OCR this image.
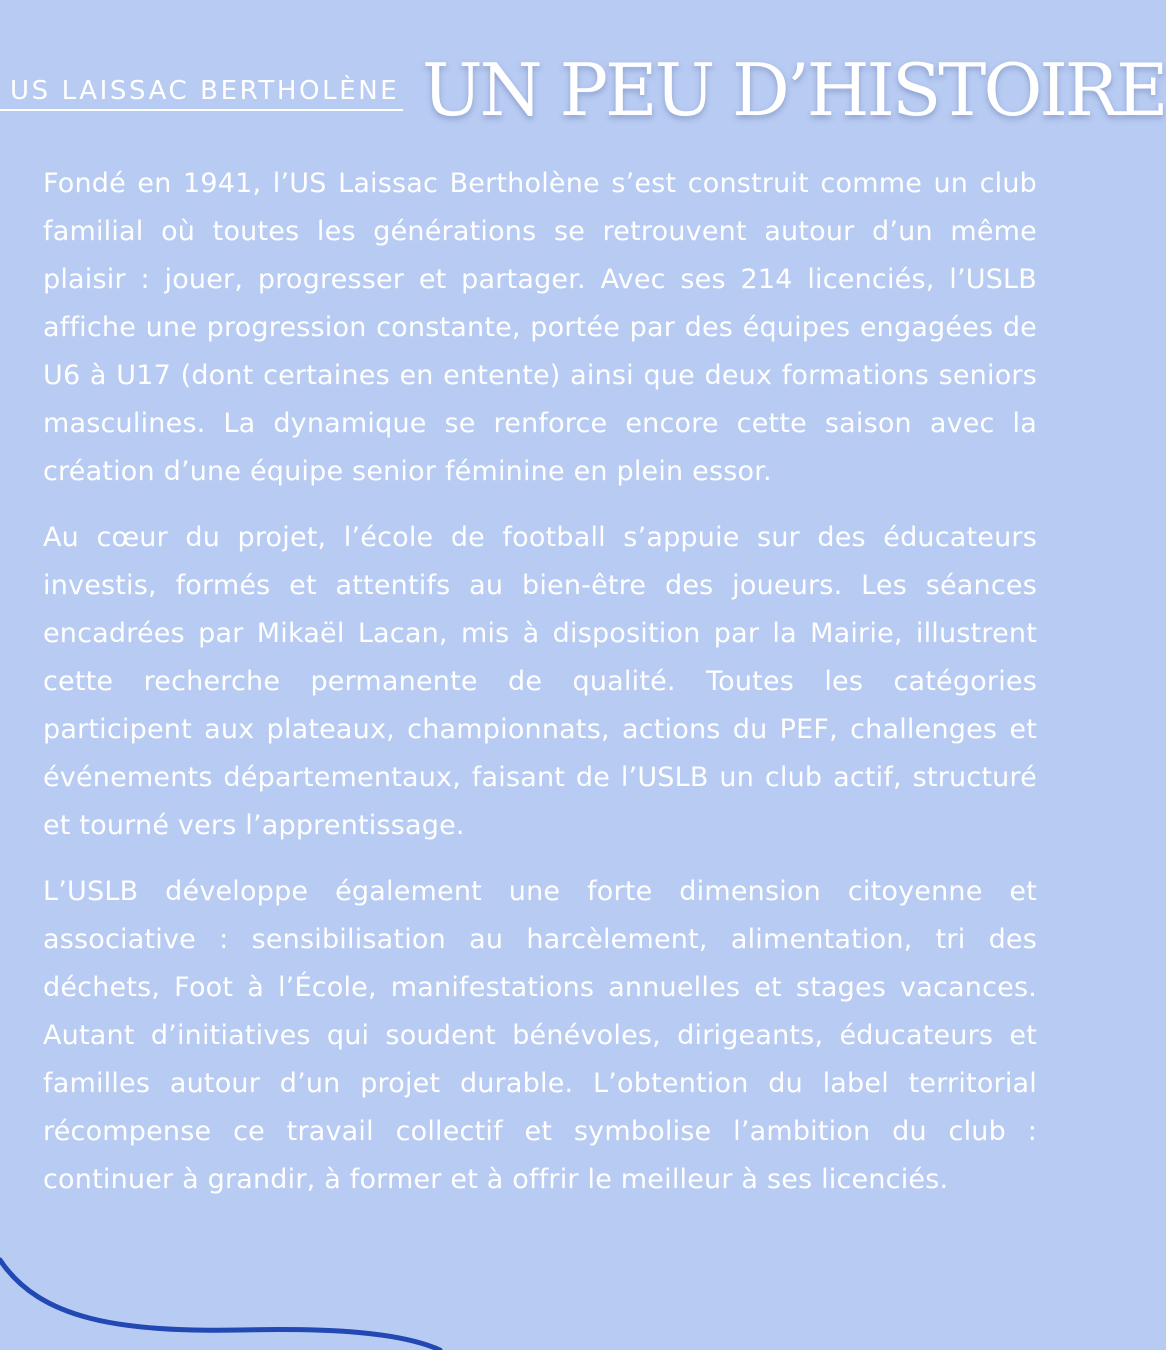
US LAISSAC BERTHOLÈNE UN PEU D’HISTOIRE

Fondé en 1941, l’US Laissac Bertholène s’est construit comme un club familial où toutes les générations se retrouvent autour d’un même plaisir : jouer, progresser et partager. Avec ses 214 licenciés, l’USLB affiche une progression constante, portée par des équipes engagées de U6 à U17 (dont certaines en entente) ainsi que deux formations seniors masculines. La dynamique se renforce encore cette saison avec la création d’une équipe senior féminine en plein essor.

Au cœur du projet, l’école de football s’appuie sur des éducateurs investis, formés et attentifs au bien-être des joueurs. Les séances encadrées par Mikaël Lacan, mis à disposition par la Mairie, illustrent cette recherche permanente de qualité. Toutes les catégories participent aux plateaux, championnats, actions du PEF, challenges et événements départementaux, faisant de l’USLB un club actif, structuré et tourné vers l’apprentissage.

L’USLB développe également une forte dimension citoyenne et associative : sensibilisation au harcèlement, alimentation, tri des déchets, Foot à l’École, manifestations annuelles et stages vacances. Autant d’initiatives qui soudent bénévoles, dirigeants, éducateurs et familles autour d’un projet durable. L’obtention du label territorial récompense ce travail collectif et symbolise l’ambition du club : continuer à grandir, à former et à offrir le meilleur à ses licenciés.
